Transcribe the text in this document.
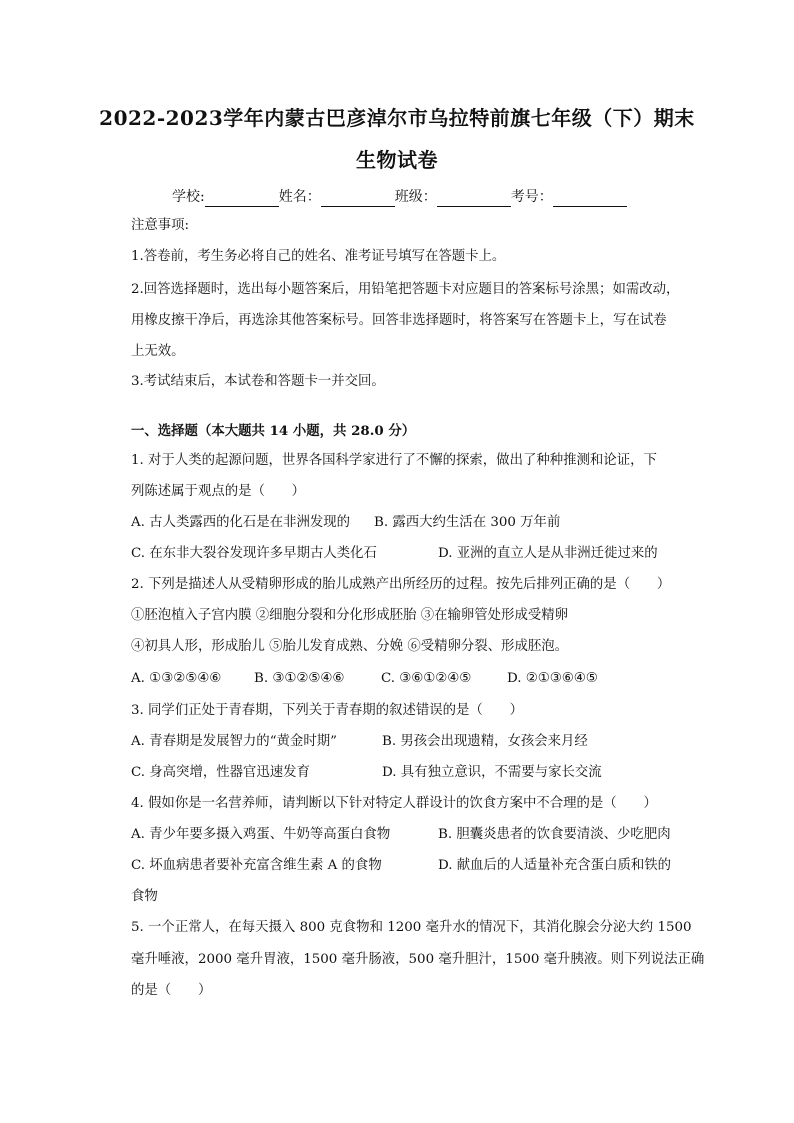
2022-2023学年内蒙古巴彦淖尔市乌拉特前旗七年级（下）期末
生物试卷
学校:	姓名：	班级：	考号：
注意事项:
1.答卷前，考生务必将自己的姓名、准考证号填写在答题卡上。
2.回答选择题时，选出每小题答案后，用铅笔把答题卡对应题目的答案标号涂黑；如需改动，
用橡皮擦干净后，再选涂其他答案标号。回答非选择题时，将答案写在答题卡上，写在试卷
上无效。
3.考试结束后，本试卷和答题卡一并交回。
一、选择题（本大题共 14 小题，共 28.0 分）
1. 对于人类的起源问题，世界各国科学家进行了不懈的探索，做出了种种推测和论证，下
列陈述属于观点的是（　　）
A. 古人类露西的化石是在非洲发现的 B. 露西大约生活在 300 万年前
C. 在东非大裂谷发现许多早期古人类化石	D. 亚洲的直立人是从非洲迁徙过来的
2. 下列是描述人从受精卵形成的胎儿成熟产出所经历的过程。按先后排列正确的是（　　）
①胚泡植入子宫内膜 ②细胞分裂和分化形成胚胎 ③在输卵管处形成受精卵
④初具人形，形成胎儿 ⑤胎儿发育成熟、分娩 ⑥受精卵分裂、形成胚泡。
A. ①③②⑤④⑥ B. ③①②⑤④⑥	C. ③⑥①②④⑤	D. ②①③⑥④⑤
3. 同学们正处于青春期，下列关于青春期的叙述错误的是（　　）
A. 青春期是发展智力的“黄金时期”	B. 男孩会出现遗精，女孩会来月经
C. 身高突增，性器官迅速发育	D. 具有独立意识，不需要与家长交流
4. 假如你是一名营养师，请判断以下针对特定人群设计的饮食方案中不合理的是（　　）
A. 青少年要多摄入鸡蛋、牛奶等高蛋白食物	B. 胆囊炎患者的饮食要清淡、少吃肥肉
C. 坏血病患者要补充富含维生素 A 的食物	D. 献血后的人适量补充含蛋白质和铁的
食物
5. 一个正常人，在每天摄入 800 克食物和 1200 毫升水的情况下，其消化腺会分泌大约 1500
毫升唾液，2000 毫升胃液，1500 毫升肠液，500 毫升胆汁，1500 毫升胰液。则下列说法正确
的是（　　）
